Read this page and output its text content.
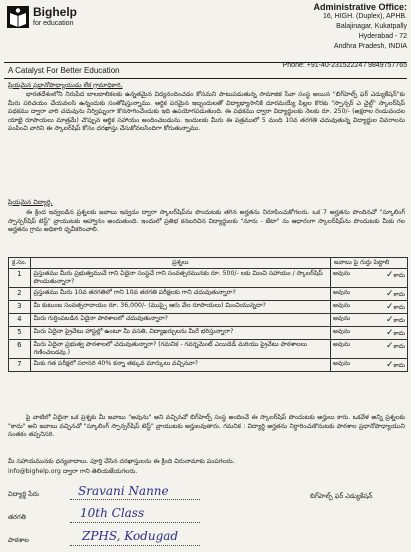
Bighelp
for education
A Catalyst For Better Education
Administrative Office:
16, HIGH. (Duplex), APHB.
Balajinagar, Kukatpally
Hyderabad - 72
Andhra Pradesh, INDIA
Phone: +91-40-23152224 / 9849757765
ప్రియమైన ప్రధానోపాధ్యాయుడు లేక గ్రామాధికారి,
భారతదేశంలోని నిరుపేద బాలబాలికలకు ఉన్నతమైన విద్యనందించడం కోసమని పాటుపడుతున్న సామాజిక సేవా సంస్థ అయిన "బిగ్‌హెల్ప్ ఫర్ ఎడ్యుకేషన్"కు మీరు పరిచయం చేయవలసి ఉన్నందుకు సంతోషిస్తున్నాము. ఆర్థిక పరమైన ఇబ్బందులతో విద్యాభ్యాసానికి దూరమయ్యే పిల్లల కొరకు "స్పాన్సర్ ఎ చైల్డ్" స్కాలర్‌షిప్ పథకము ద్వారా వారి చదువును నిర్విఘ్నంగా కొనసాగించేందుకు ఇది ఉపయోగపడుతుంది. ఈ పథకము ద్వారా విద్యార్థులకు నెలకు రూ. 250/- (అక్షరాల రెండువందల యాభై రూపాయలు మాత్రమే) చొప్పున ఆర్థిక సహాయం అందించబడును. ఇందులకు మీరు ఈ పత్రములో 5 మంది 10వ తరగతి చదువుతున్న విద్యార్థుల వివరాలను పంపించి వారిని ఈ స్కాలర్‌షిప్ కోసం దరఖాస్తు చేసుకోవలసిందిగా కోరుతున్నాము.
ప్రియమైన విద్యార్థి,
ఈ క్రింద ఇవ్వబడిన ప్రశ్నలకు జవాబు ఇవ్వడం ద్వారా స్కాలర్‌షిప్‌ను పొందుటకు తగిన అర్హతను నిరూపించుకోగలరు. ఒక 7 అర్హతను పొందినచో "స్కూలింగ్ స్పాన్సర్‌షిప్ టెస్ట్" వ్రాయుటకు ఆహ్వానం అందుతుంది. ఇందులో ప్రతిభ కనబరిచిన విద్యార్థులకు "నూరు - జేటా" ను ఆధారంగా స్కాలర్‌షిప్‌ను పొందుటకు మీకు గల అర్హతను గ్రామ అధికారి ధృవీకరించాలి.
క్ర.సం.	ప్రశ్నలు	జవాబు పై గుర్తు పెట్టాలి
1	ప్రస్తుతము మీరు ప్రభుత్వముచే గాని ఏదైనా సంస్థచే గాని సంవత్సరమునకు రూ. 500/- లకు మించి సహాయం / స్కాలర్‌షిప్ పొందుతున్నారా?	అవును ✓కాదు

2	ప్రస్తుతము మీరు 10వ తరగతిలో గాని 10వ తరగతి పరీక్షలకు గాని చదువుతున్నారా?	అవును ✓కాదు

3	మీ కుటుంబ సంవత్సరాదాయం రూ. 36,000/- (ముప్పై ఆరు వేల రూపాయలు) మించియున్నదా?	అవును ✓కాదు

4	మీరు గుర్తింపబడిన ఏదైనా పాఠశాలలో చదువుతున్నారా?	అవును ✓కాదు

5	మీరు ఏదైనా ప్రైవేటు హాస్టల్లో ఉంటూ మీ వసతి, విద్యాఖర్చులను మీరే భరిస్తున్నారా?	అవును ✓కాదు

6	మీరు ఏదైనా ప్రభుత్వ పాఠశాలలో చదువుతున్నారా? (గమనిక - గవర్నమెంట్ ఎయిడెడ్ మరియు ప్రైవేటు పాఠశాలలు గణించబడవు.)	అవును ✓కాదు

7	మీకు గత పరీక్షలో సరాసరి 40% కన్నా తక్కువ మార్కులు వచ్చినవా?	అవును ✓కాదు
పై వాటిలో ఏదైనా ఒక ప్రశ్నకు మీ జవాబు "అవును" అని వచ్చినచో బిగ్‌హెల్ప్ సంస్థ అందించే ఈ స్కాలర్‌షిప్ పొందుటకు అర్హులు కారు. ఒకవేళ అన్ని ప్రశ్నలకు "కాదు" అని జవాబు వచ్చినచో "స్కూలింగ్ స్పాన్సర్‌షిప్ టెస్ట్" వ్రాయుటకు అర్హులవుతారు. గమనిక : విద్యార్థి అర్హతను నిర్ధారించుకొనుటకు పాఠశాల ప్రధానోపాధ్యాయుని సంతకం తప్పనిసరి.
మీ సహాయమునకు ధన్యవాదాలు. పూర్తి చేసిన దరఖాస్తులను ఈ క్రింది చిరునామాకు పంపగలరు.
info@bighelp.org ద్వారా గాని తెలియజేయగలరు.
విద్యార్థి పేరు	Sravani Nanne	బిగ్‌హెల్ప్ ఫర్ ఎడ్యుకేషన్
తరగతి	10th Class
పాఠశాల	ZPHS, Kodugad
